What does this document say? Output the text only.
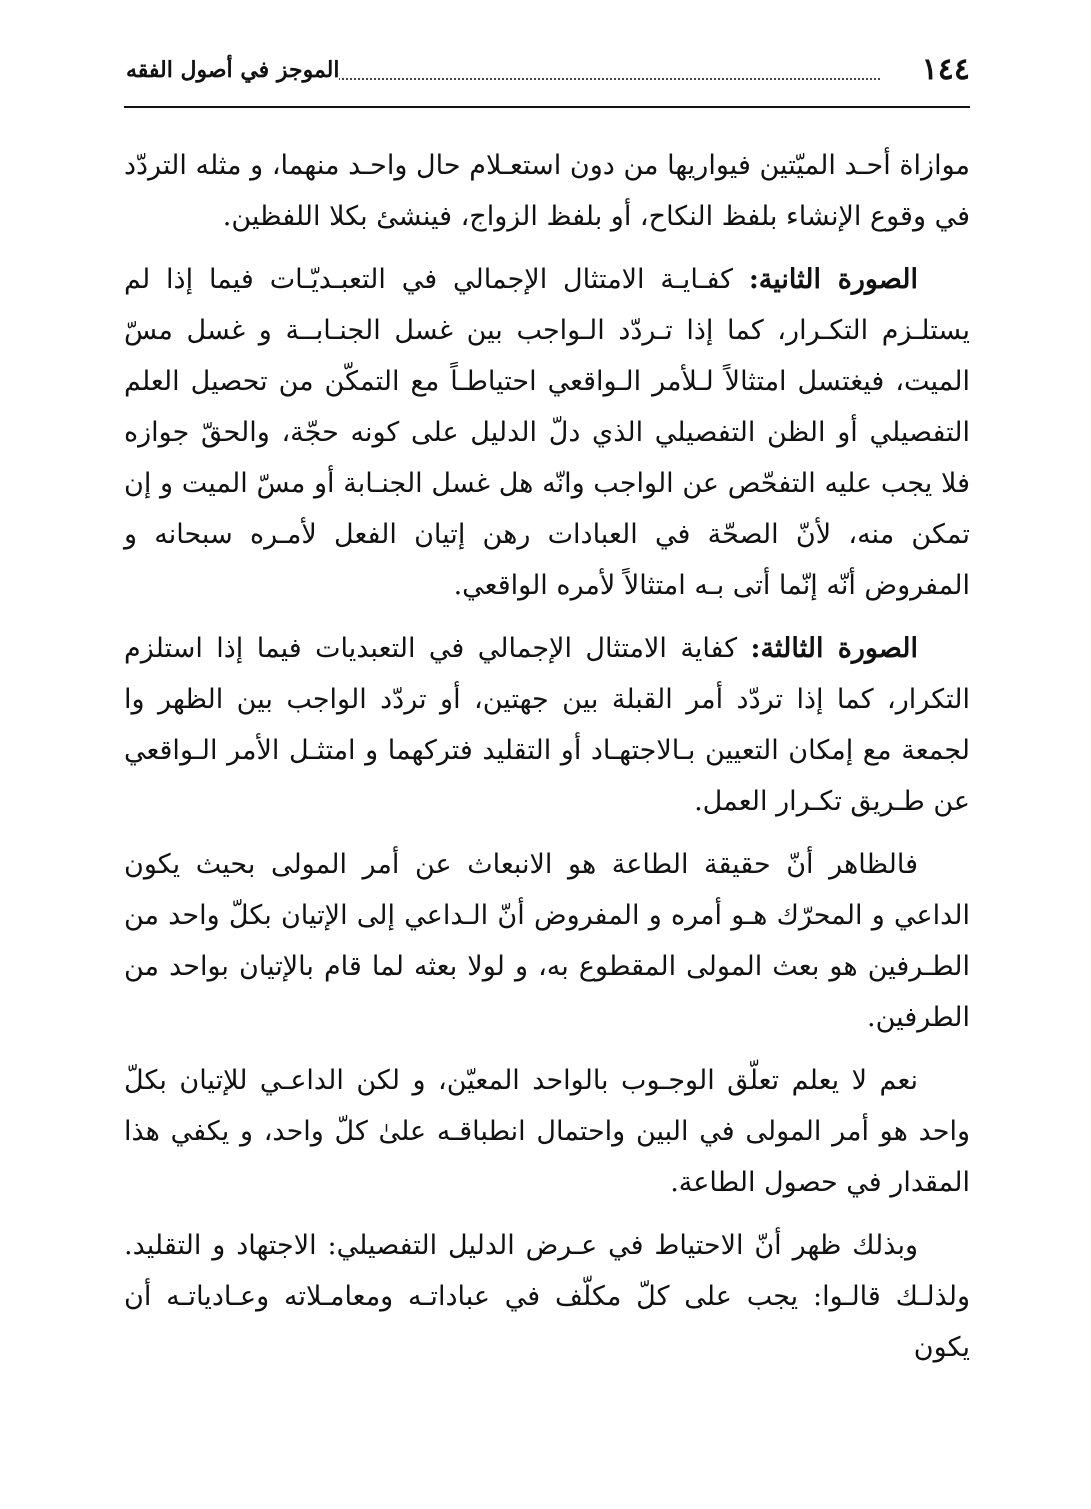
١٤٤
الموجز في أصول الفقه

موازاة أحـد الميّتين فيواريها من دون استعـلام حال واحـد منهما، و مثله التردّد في وقوع الإنشاء بلفظ النكاح، أو بلفظ الزواج، فينشئ بكلا اللفظين.

الصورة الثانية: كفـايـة الامتثال الإجمالي في التعبـديّـات فيما إذا لم يستلـزم التكـرار، كما إذا تـردّد الـواجب بين غسل الجنـابــة و غسل مسّ الميت، فيغتسل امتثالاً لـلأمر الـواقعي احتياطـاً مع التمكّن من تحصيل العلم التفصيلي أو الظن التفصيلي الذي دلّ الدليل على كونه حجّة، والحقّ جوازه فلا يجب عليه التفحّص عن الواجب وانّه هل غسل الجنـابة أو مسّ الميت و إن تمكن منه، لأنّ الصحّة في العبادات رهن إتيان الفعل لأمـره سبحانه و المفروض أنّه إنّما أتى بـه امتثالاً لأمره الواقعي.

الصورة الثالثة: كفاية الامتثال الإجمالي في التعبديات فيما إذا استلزم التكرار، كما إذا تردّد أمر القبلة بين جهتين، أو تردّد الواجب بين الظهر وا لجمعة مع إمكان التعيين بـالاجتهـاد أو التقليد فتركهما و امتثـل الأمر الـواقعي عن طـريق تكـرار العمل.

فالظاهر أنّ حقيقة الطاعة هو الانبعاث عن أمر المولى بحيث يكون الداعي و المحرّك هـو أمره و المفروض أنّ الـداعي إلى الإتيان بكلّ واحد من الطـرفين هو بعث المولى المقطوع به، و لولا بعثه لما قام بالإتيان بواحد من الطرفين.

نعم لا يعلم تعلّق الوجـوب بالواحد المعيّن، و لكن الداعـي للإتيان بكلّ واحد هو أمر المولى في البين واحتمال انطباقـه علىٰ كلّ واحد، و يكفي هذا المقدار في حصول الطاعة.

وبذلك ظهر أنّ الاحتياط في عـرض الدليل التفصيلي: الاجتهاد و التقليد. ولذلـك قالـوا: يجب على كلّ مكلّف في عباداتـه ومعامـلاته وعـادياتـه أن يكون
